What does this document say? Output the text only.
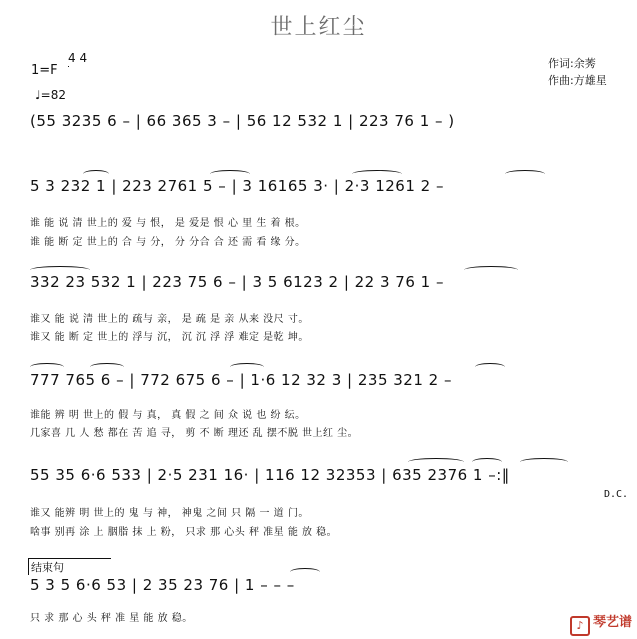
世上红尘
1=F
4 4
♩=82
作词:余莠
作曲:方雄星
(55 3235 6 – | 66 365 3 – | 56 12 532 1 | 223 76 1 – )
5 3 232 1 | 223 2761 5 – | 3 16165 3· | 2·3 1261 2 –
谁 能 说 清 世上的 爱 与 恨， 是 爱是 恨 心 里 生 着 根。
谁 能 断 定 世上的 合 与 分， 分 分合 合 还 需 看 缘 分。
332 23 532 1 | 223 75 6 – | 3 5 6123 2 | 22 3 76 1 –
谁又 能 说 清 世上的 疏与 亲， 是 疏 是 亲 从来 没尺 寸。
谁又 能 断 定 世上的 浮与 沉， 沉 沉 浮 浮 难定 是乾 坤。
777 765 6 – | 772 675 6 – | 1·6 12 32 3 | 235 321 2 –
谁能 辨 明 世上的 假 与 真， 真 假 之 间 众 说 也 纷 纭。
几家喜 几 人 愁 都在 苦 追 寻， 剪 不 断 理还 乱 摆不脱 世上红 尘。
55 35 6·6 533 | 2·5 231 16· | 116 12 32353 | 635 2376 1 –:‖
谁又 能辨 明 世上的 鬼 与 神， 神鬼 之间 只 隔 一 道 门。
啥事 别再 涂 上 胭脂 抹 上 粉， 只求 那 心头 秤 准星 能 放 稳。
D.C.
结束句
5 3 5 6·6 53 | 2 35 23 76 | 1 – – –
只 求 那 心 头 秤 准 星 能 放 稳。
♪ 琴艺谱
